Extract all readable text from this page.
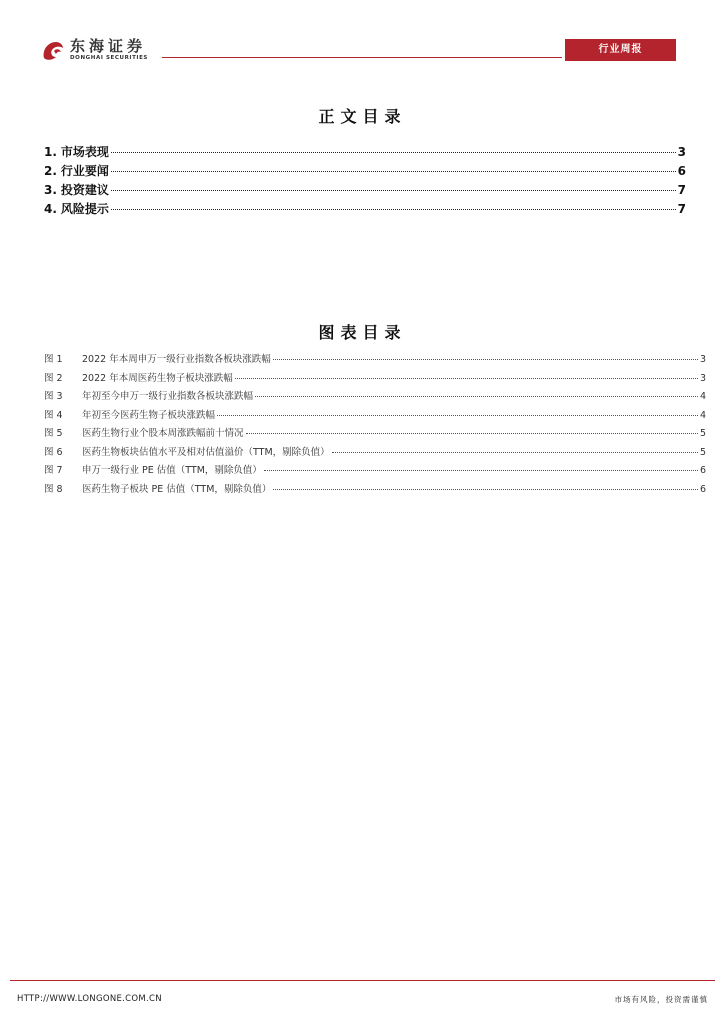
东海证券
DONGHAI SECURITIES
行业周报
正文目录
1. 市场表现	3
2. 行业要闻	6
3. 投资建议	7
4. 风险提示	7
图表目录
图 1	2022 年本周申万一级行业指数各板块涨跌幅	3
图 2	2022 年本周医药生物子板块涨跌幅	3
图 3	年初至今申万一级行业指数各板块涨跌幅	4
图 4	年初至今医药生物子板块涨跌幅	4
图 5	医药生物行业个股本周涨跌幅前十情况	5
图 6	医药生物板块估值水平及相对估值溢价（TTM，剔除负值）	5
图 7	申万一级行业 PE 估值（TTM，剔除负值）	6
图 8	医药生物子板块 PE 估值（TTM，剔除负值）	6
HTTP://WWW.LONGONE.COM.CN	市场有风险，投资需谨慎
